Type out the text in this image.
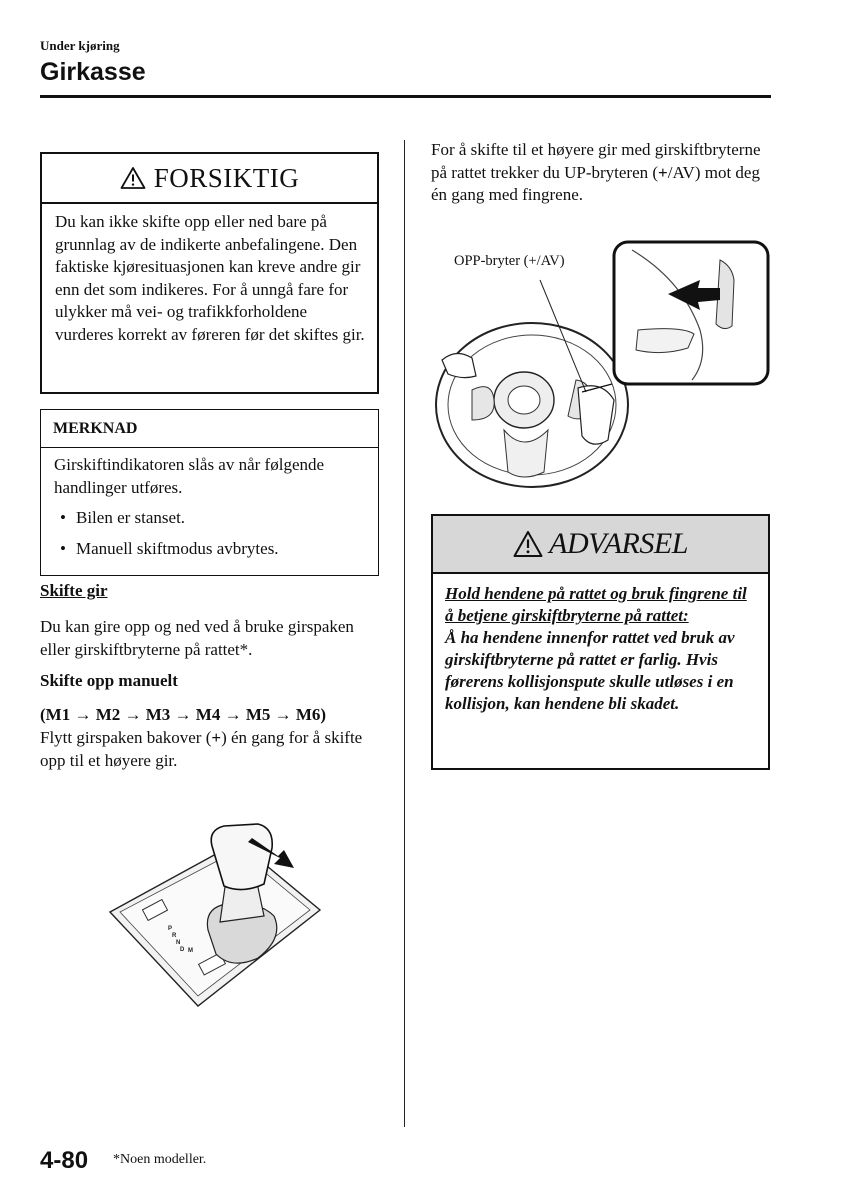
Under kjøring
Girkasse
FORSIKTIG
Du kan ikke skifte opp eller ned bare på grunnlag av de indikerte anbefalingene. Den faktiske kjøresituasjonen kan kreve andre gir enn det som indikeres. For å unngå fare for ulykker må vei- og trafikkforholdene vurderes korrekt av føreren før det skiftes gir.
MERKNAD
Girskiftindikatoren slås av når følgende handlinger utføres.
• Bilen er stanset.
• Manuell skiftmodus avbrytes.
Skifte gir
Du kan gire opp og ned ved å bruke girspaken eller girskiftbryterne på rattet*.
Skifte opp manuelt
(M1 → M2 → M3 → M4 → M5 → M6)
Flytt girspaken bakover (+) én gang for å skifte opp til et høyere gir.
P
R
N
D M
For å skifte til et høyere gir med girskiftbryterne på rattet trekker du UP-bryteren (+/AV) mot deg én gang med fingrene.
OPP-bryter (+/AV)
ADVARSEL
Hold hendene på rattet og bruk fingrene til å betjene girskiftbryterne på rattet:
Å ha hendene innenfor rattet ved bruk av girskiftbryterne på rattet er farlig. Hvis førerens kollisjonspute skulle utløses i en kollisjon, kan hendene bli skadet.
4-80 *Noen modeller.
